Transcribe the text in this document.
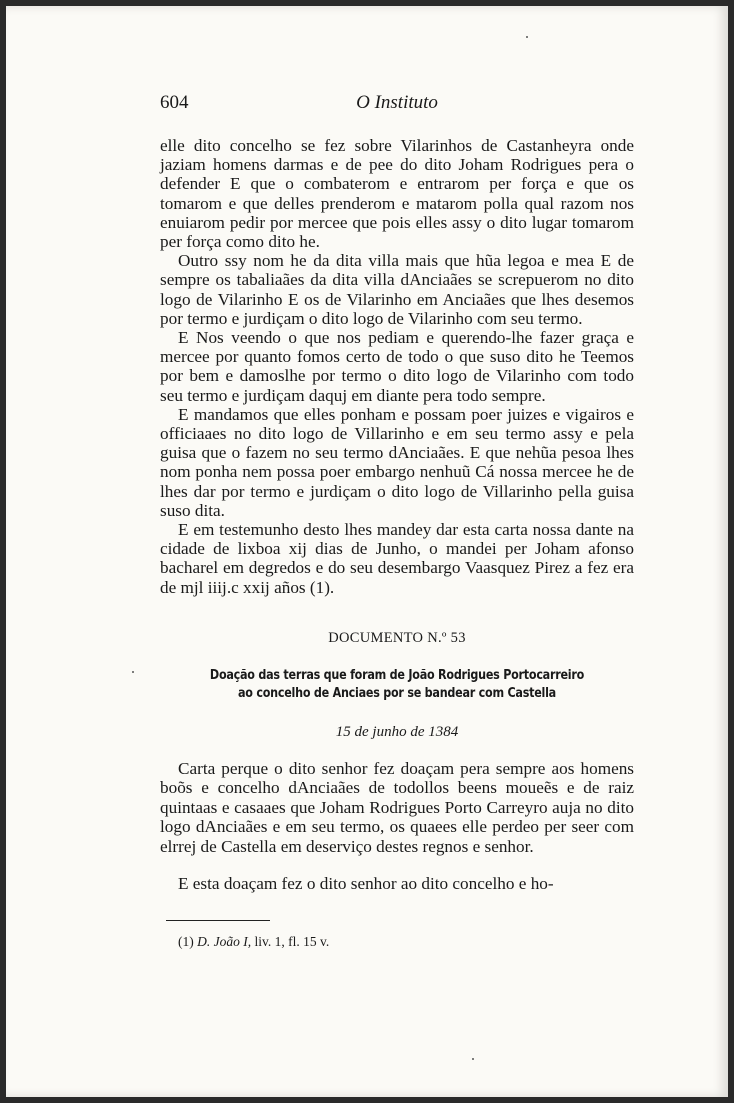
604	O Instituto

elle dito concelho se fez sobre Vilarinhos de Castanheyra onde jaziam homens darmas e de pee do dito Joham Rodrigues pera o defender E que o combaterom e entrarom per força e que os tomarom e que delles prenderom e matarom polla qual razom nos enuiarom pedir por mercee que pois elles assy o dito lugar tomarom per força como dito he.

Outro ssy nom he da dita villa mais que hũa legoa e mea E de sempre os tabaliaães da dita villa dAnciaães se screpuerom no dito logo de Vilarinho E os de Vilarinho em Anciaães que lhes desemos por termo e jurdiçam o dito logo de Vilarinho com seu termo.

E Nos veendo o que nos pediam e querendo-lhe fazer graça e mercee por quanto fomos certo de todo o que suso dito he Teemos por bem e damoslhe por termo o dito logo de Vilarinho com todo seu termo e jurdiçam daquj em diante pera todo sempre.

E mandamos que elles ponham e possam poer juizes e vigairos e officiaaes no dito logo de Villarinho e em seu termo assy e pela guisa que o fazem no seu termo dAnciaães. E que nehũa pesoa lhes nom ponha nem possa poer embargo nenhuũ Cá nossa mercee he de lhes dar por termo e jurdiçam o dito logo de Villarinho pella guisa suso dita.

E em testemunho desto lhes mandey dar esta carta nossa dante na cidade de lixboa xij dias de Junho, o mandei per Joham afonso bacharel em degredos e do seu desembargo Vaasquez Pirez a fez era de mjl iiij.c xxij años (1).

DOCUMENTO N.º 53
Doação das terras que foram de João Rodrigues Portocarreiro
ao concelho de Anciaes por se bandear com Castella
15 de junho de 1384

Carta perque o dito senhor fez doaçam pera sempre aos homens boõs e concelho dAnciaães de todollos beens moueẽs e de raiz quintaas e casaaes que Joham Rodrigues Porto Carreyro auja no dito logo dAnciaães e em seu termo, os quaees elle perdeo per seer com elrrej de Castella em deserviço destes regnos e senhor.

E esta doaçam fez o dito senhor ao dito concelho e ho-

(1) D. João I, liv. 1, fl. 15 v.
